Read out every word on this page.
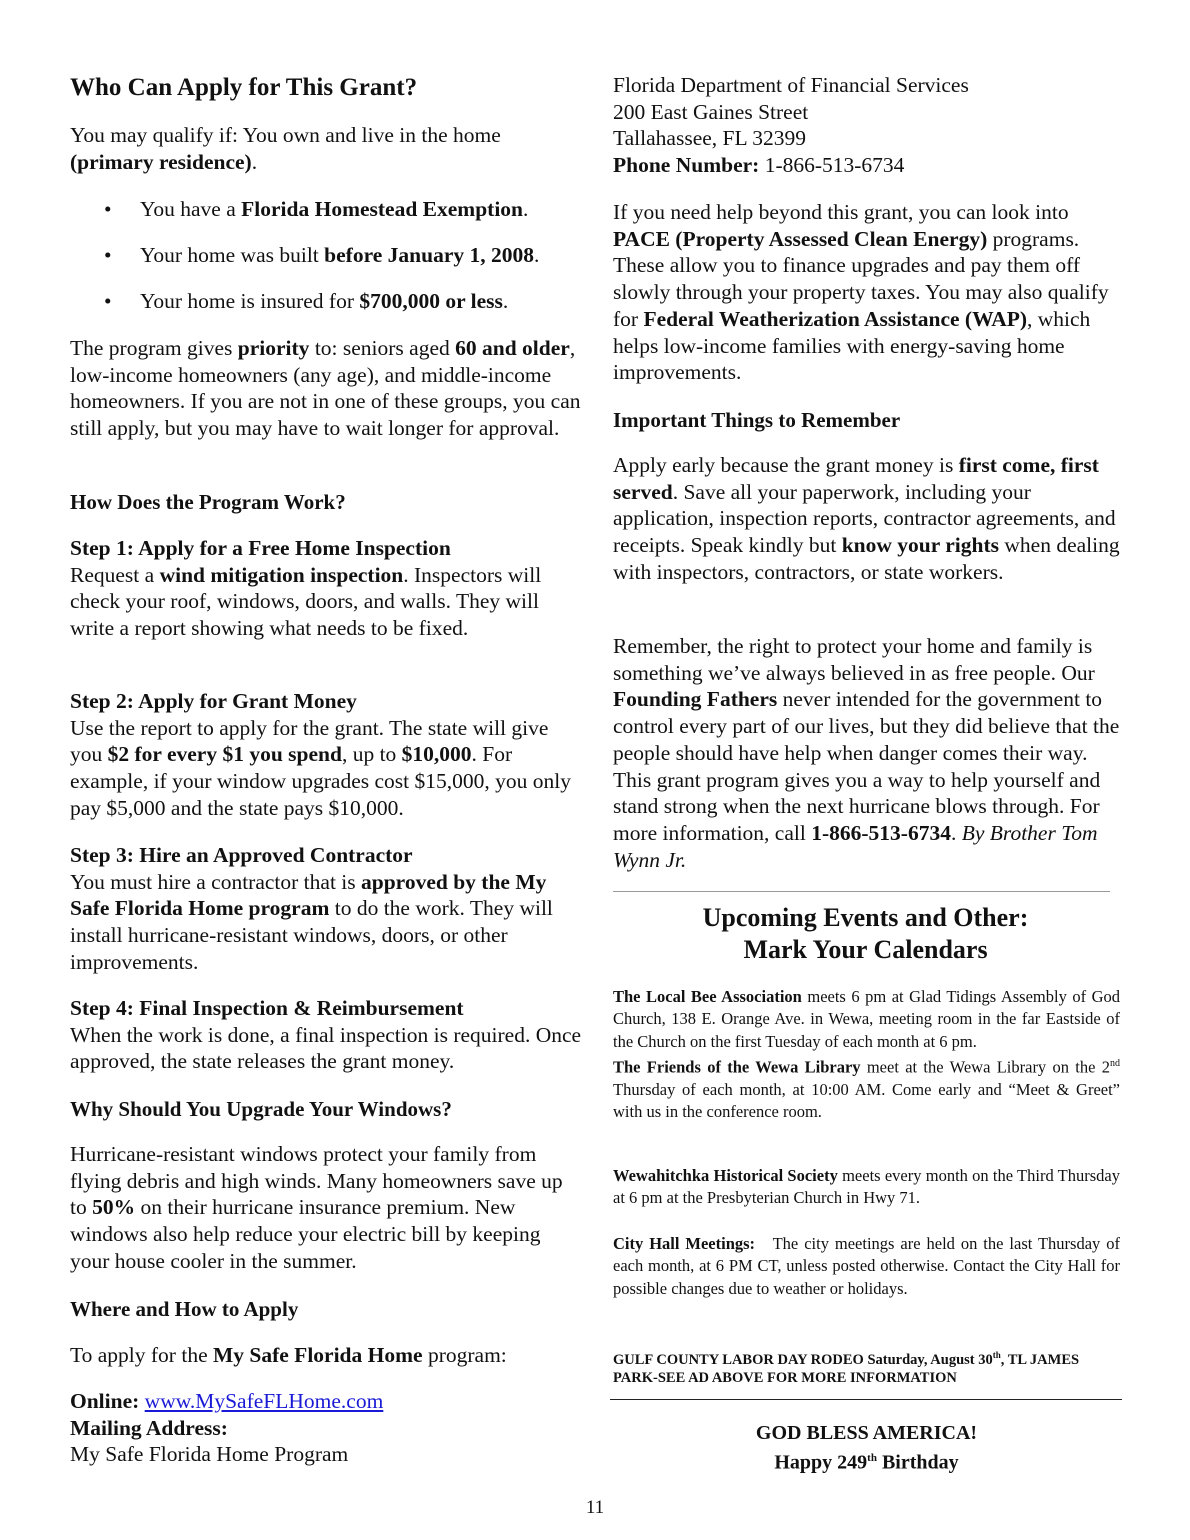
Who Can Apply for This Grant?

You may qualify if: You own and live in the home (primary residence).

• You have a Florida Homestead Exemption.
• Your home was built before January 1, 2008.
• Your home is insured for $700,000 or less.

The program gives priority to: seniors aged 60 and older, low-income homeowners (any age), and middle-income homeowners. If you are not in one of these groups, you can still apply, but you may have to wait longer for approval.

How Does the Program Work?

Step 1: Apply for a Free Home Inspection
Request a wind mitigation inspection. Inspectors will check your roof, windows, doors, and walls. They will write a report showing what needs to be fixed.

Step 2: Apply for Grant Money
Use the report to apply for the grant. The state will give you $2 for every $1 you spend, up to $10,000. For example, if your window upgrades cost $15,000, you only pay $5,000 and the state pays $10,000.

Step 3: Hire an Approved Contractor
You must hire a contractor that is approved by the My Safe Florida Home program to do the work. They will install hurricane-resistant windows, doors, or other improvements.

Step 4: Final Inspection & Reimbursement
When the work is done, a final inspection is required. Once approved, the state releases the grant money.

Why Should You Upgrade Your Windows?

Hurricane-resistant windows protect your family from flying debris and high winds. Many homeowners save up to 50% on their hurricane insurance premium. New windows also help reduce your electric bill by keeping your house cooler in the summer.

Where and How to Apply

To apply for the My Safe Florida Home program:

Online: www.MySafeFLHome.com
Mailing Address:
My Safe Florida Home Program

Florida Department of Financial Services
200 East Gaines Street
Tallahassee, FL 32399
Phone Number: 1-866-513-6734

If you need help beyond this grant, you can look into PACE (Property Assessed Clean Energy) programs. These allow you to finance upgrades and pay them off slowly through your property taxes. You may also qualify for Federal Weatherization Assistance (WAP), which helps low-income families with energy-saving home improvements.

Important Things to Remember

Apply early because the grant money is first come, first served. Save all your paperwork, including your application, inspection reports, contractor agreements, and receipts. Speak kindly but know your rights when dealing with inspectors, contractors, or state workers.

Remember, the right to protect your home and family is something we’ve always believed in as free people. Our Founding Fathers never intended for the government to control every part of our lives, but they did believe that the people should have help when danger comes their way. This grant program gives you a way to help yourself and stand strong when the next hurricane blows through. For more information, call 1-866-513-6734. By Brother Tom Wynn Jr.

Upcoming Events and Other:
Mark Your Calendars

The Local Bee Association meets 6 pm at Glad Tidings Assembly of God Church, 138 E. Orange Ave. in Wewa, meeting room in the far Eastside of the Church on the first Tuesday of each month at 6 pm.
The Friends of the Wewa Library meet at the Wewa Library on the 2nd Thursday of each month, at 10:00 AM. Come early and “Meet & Greet” with us in the conference room.

Wewahitchka Historical Society meets every month on the Third Thursday at 6 pm at the Presbyterian Church in Hwy 71.

City Hall Meetings:   The city meetings are held on the last Thursday of each month, at 6 PM CT, unless posted otherwise. Contact the City Hall for possible changes due to weather or holidays.

GULF COUNTY LABOR DAY RODEO Saturday, August 30th, TL JAMES PARK-SEE AD ABOVE FOR MORE INFORMATION

GOD BLESS AMERICA!
Happy 249th Birthday
11
